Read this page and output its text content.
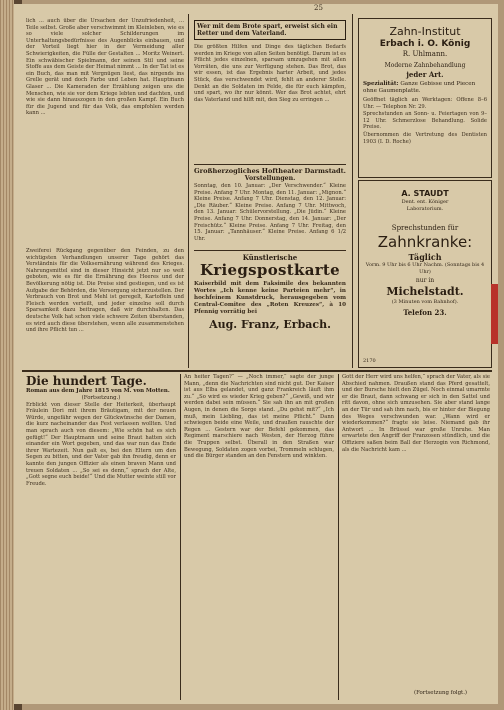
25

lich ... auch über die Ursachen der Unzufriedenheit, ... Teile selbst. Große aber verschwimmt im Kleinleben, wie es so viele solcher Schilderungen im Unterhaltungsbedürfnisse des Augenblicks einbauen, und der Vorteil liegt hier in der Vermeidung aller Schwierigkeiten, die Fülle der Gestalten ... Moritz Weinert. Ein schwäbischer Spielmann, der seinen Stil und seine Stoffe aus dem Geiste der Heimat nimmt ... In der Tat ist es ein Buch, das man mit Vergnügen liest, das nirgends ins Grelle gerät und doch Farbe und Leben hat. Hauptmann Glaser ... Die Kameraden der Erzählung zeigen uns die Menschen, wie sie vor dem Kriege lebten und dachten, und wie sie dann hinauszogen in den großen Kampf. Ein Buch für die Jugend und für das Volk, das empfohlen werden kann ...

Zweiferei Rückgang gegenüber den Feinden, zu den wichtigsten Verhandlungen unserer Tage gehört das Verständnis für die Volksernährung während des Krieges. Nahrungsmittel sind in dieser Hinsicht jetzt nur so weit geboten, wie es für die Ernährung des Heeres und der Bevölkerung nötig ist. Die Preise sind gestiegen, und es ist Aufgabe der Behörden, die Versorgung sicherzustellen. Der Verbrauch von Brot und Mehl ist geregelt, Kartoffeln und Fleisch werden verteilt, und jeder einzelne soll durch Sparsamkeit dazu beitragen, daß wir durchhalten. Das deutsche Volk hat schon viele schwere Zeiten überstanden, es wird auch diese überstehen, wenn alle zusammenstehen und ihre Pflicht tun ...

Wer mit dem Brote spart, erweist sich ein Retter und dem Vaterland.

Die größten Hilfen und Dinge des täglichen Bedarfs werden im Kriege von allen Seiten benötigt. Darum ist es Pflicht jedes einzelnen, sparsam umzugehen mit allen Vorräten, die uns zur Verfügung stehen. Das Brot, das wir essen, ist das Ergebnis harter Arbeit, und jedes Stück, das verschwendet wird, fehlt an anderer Stelle. Denkt an die Soldaten im Felde, die für euch kämpfen, und spart, wo ihr nur könnt. Wer das Brot achtet, ehrt das Vaterland und hilft mit, den Sieg zu erringen ...

Großherzogliches Hoftheater Darmstadt.
Vorstellungen.

Sonntag, den 10. Januar: „Der Verschwender.“ Kleine Preise. Anfang 7 Uhr. Montag, den 11. Januar: „Mignon.“ Kleine Preise. Anfang 7 Uhr. Dienstag, den 12. Januar: „Die Räuber.“ Kleine Preise. Anfang 7 Uhr. Mittwoch, den 13. Januar: Schülervorstellung. „Die Jüdin.“ Kleine Preise. Anfang 7 Uhr. Donnerstag, den 14. Januar: „Der Freischütz.“ Kleine Preise. Anfang 7 Uhr. Freitag, den 15. Januar: „Tannhäuser.“ Kleine Preise. Anfang 6 1/2 Uhr.

Künstlerische
Kriegspostkarte

Kaiserbild mit dem Faksimile des bekannten Wortes „Ich kenne keine Parteien mehr“, in hochfeinem Kunstdruck, herausgegeben vom Central-Comitee des „Roten Kreuzes“, à 10 Pfennig vorrätig bei

Aug. Franz, Erbach.
Zahn-Institut
Erbach i. O. König
R. Uhlmann.
Moderne Zahnbehandlung
jeder Art.
Spezialität: Ganze Gebisse und Piecen ohne Gaumenplatte.

Geöffnet täglich an Werktagen: Offene 8–6 Uhr. — Telephon Nr. 29.

Sprechstunden an Sonn- u. Feiertagen von 9–12 Uhr. Schmerzlose Behandlung. Solide Preise.

Übernommen die Vertretung des Dentisten 1903 (I. D. Roche)

A. STAUDT
Dent. ent. Königer Laboratorium.
Sprechstunden für
Zahnkranke:
Täglich
Vorm. 9 Uhr bis 6 Uhr Nachm. (Sonntags bis 4 Uhr)
nur in
Michelstadt.
(3 Minuten vom Bahnhof).
Telefon 23.
2170
Die hundert Tage.
Roman aus dem Jahre 1815 von M. von Motten.
(Fortsetzung.)

Erblickt von dieser Stelle der Heiterkeit, überhaupt Fräulein Dori mit ihrem Bräutigam, mit der neuen Würde, ungefähr wegen der Glückwünsche der Damen, die kurz nacheinander das Fest verlassen wollten. Und man sprach auch von diesem: „Wie schön hat es sich gefügt!“ Der Hauptmann und seine Braut hatten sich einander ein Wort gegeben, und das war nun das Ende ihrer Wartezeit. Nun galt es, bei den Eltern um den Segen zu bitten, und der Vater gab ihn freudig, denn er kannte den jungen Offizier als einen braven Mann und treuen Soldaten ... „So sei es denn,“ sprach der Alte, „Gott segne euch beide!“ Und die Mutter weinte still vor Freude.

An heiter Tagen?“ — „Noch immer,“ sagte der junge Mann, „denn die Nachrichten sind nicht gut. Der Kaiser ist aus Elba gelandet, und ganz Frankreich läuft ihm zu.“ „So wird es wieder Krieg geben?“ „Gewiß, und wir werden dabei sein müssen.“ Sie sah ihn an mit großen Augen, in denen die Sorge stand. „Du gehst mit?“ „Ich muß, mein Liebling, das ist meine Pflicht.“ Dann schwiegen beide eine Weile, und draußen rauschte der Regen ... Gestern war der Befehl gekommen, das Regiment marschiere nach Westen, der Herzog führe die Truppen selbst. Überall in den Straßen war Bewegung, Soldaten zogen vorbei, Trommeln schlugen, und die Bürger standen an den Fenstern und winkten.

Gott der Herr wird uns helfen,“ sprach der Vater, als sie Abschied nahmen. Draußen stand das Pferd gesattelt, und der Bursche hielt den Zügel. Noch einmal umarmte er die Braut, dann schwang er sich in den Sattel und ritt davon, ohne sich umzusehen. Sie aber stand lange an der Tür und sah ihm nach, bis er hinter der Biegung des Weges verschwunden war. „Wann wird er wiederkommen?“ fragte sie leise. Niemand gab ihr Antwort ... In Brüssel war große Unruhe. Man erwartete den Angriff der Franzosen stündlich, und die Offiziere saßen beim Ball der Herzogin von Richmond, als die Nachricht kam ...

(Fortsetzung folgt.)
